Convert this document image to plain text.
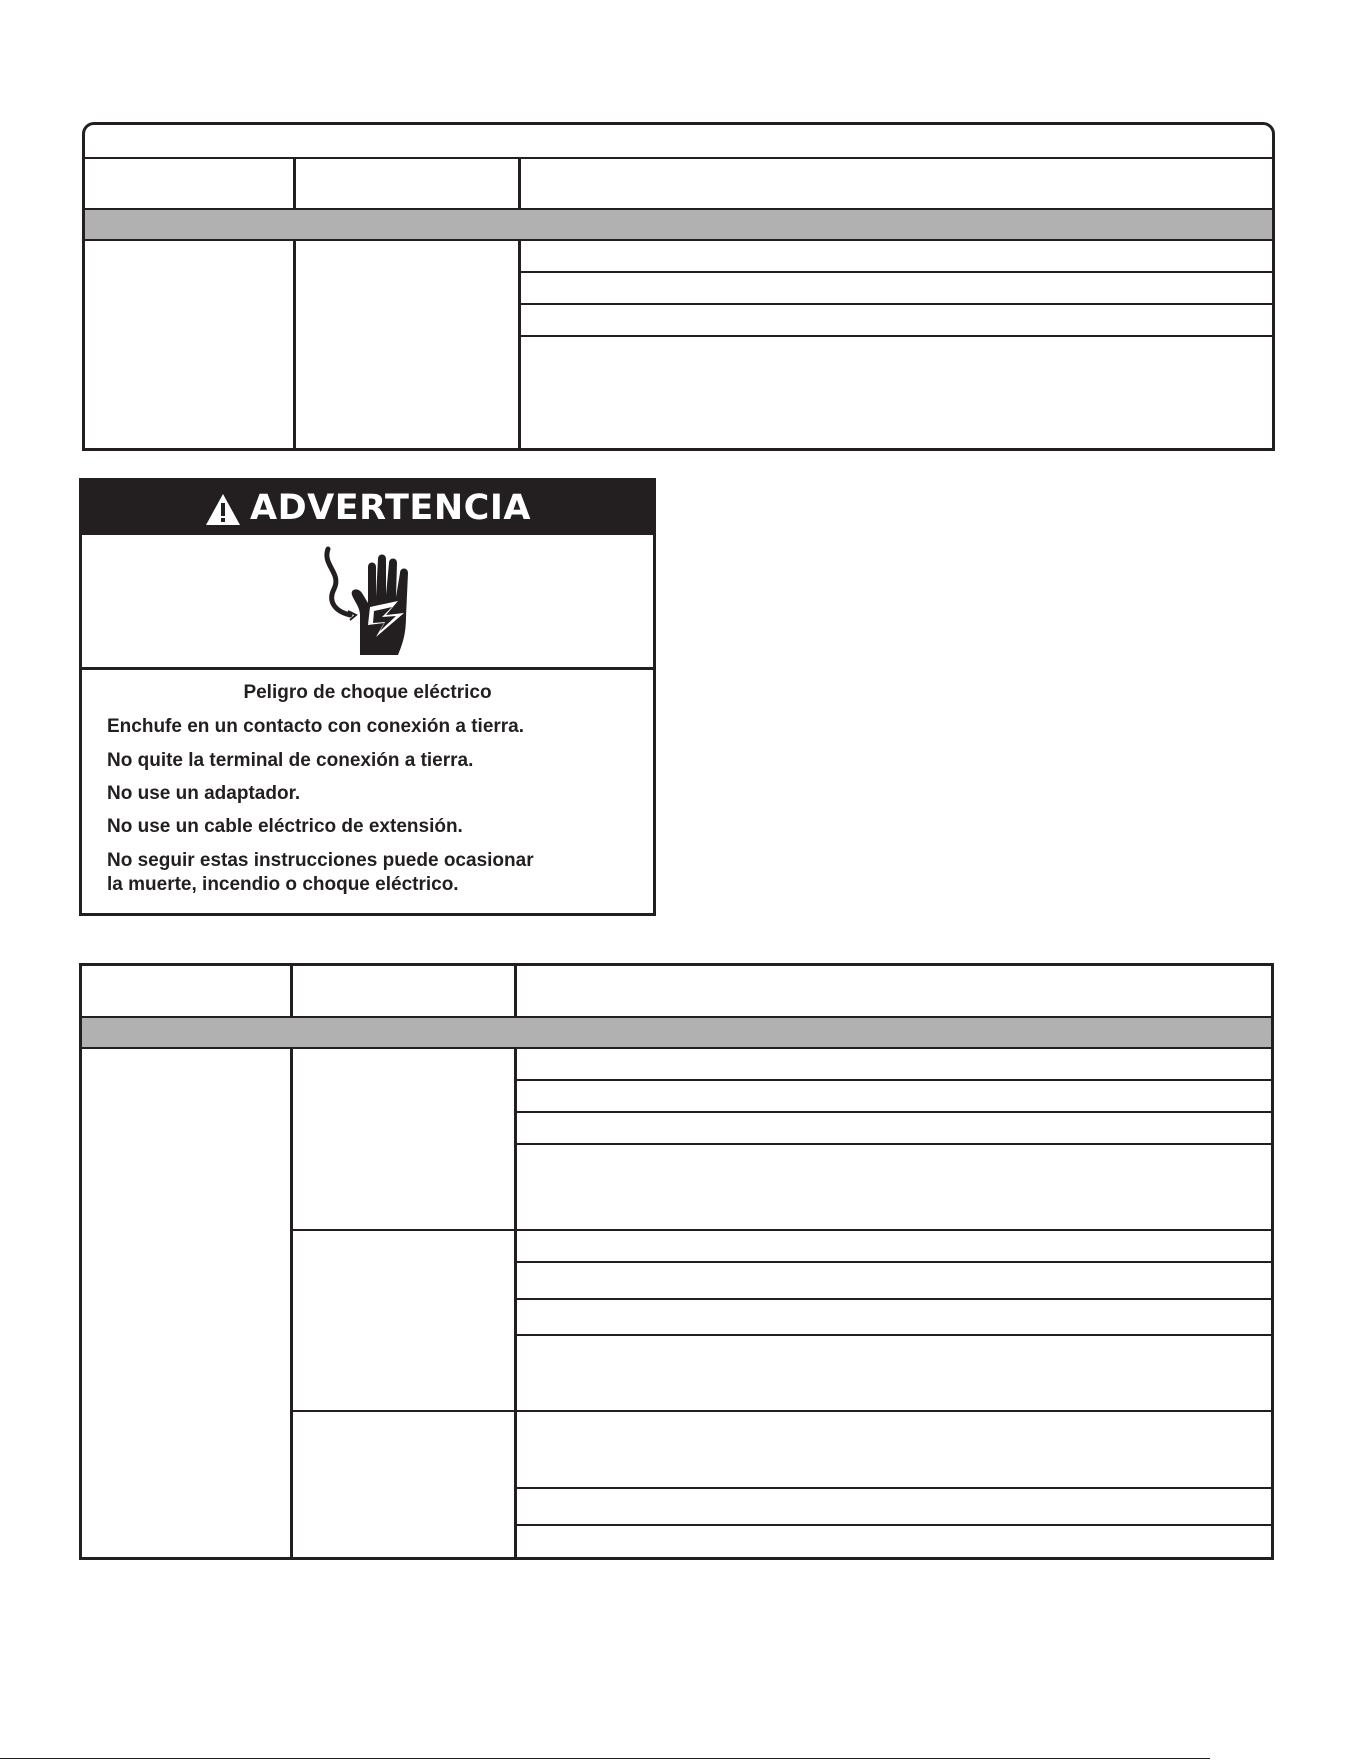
ADVERTENCIA
Peligro de choque eléctrico
Enchufe en un contacto con conexión a tierra.
No quite la terminal de conexión a tierra.
No use un adaptador.
No use un cable eléctrico de extensión.
No seguir estas instrucciones puede ocasionar
la muerte, incendio o choque eléctrico.
